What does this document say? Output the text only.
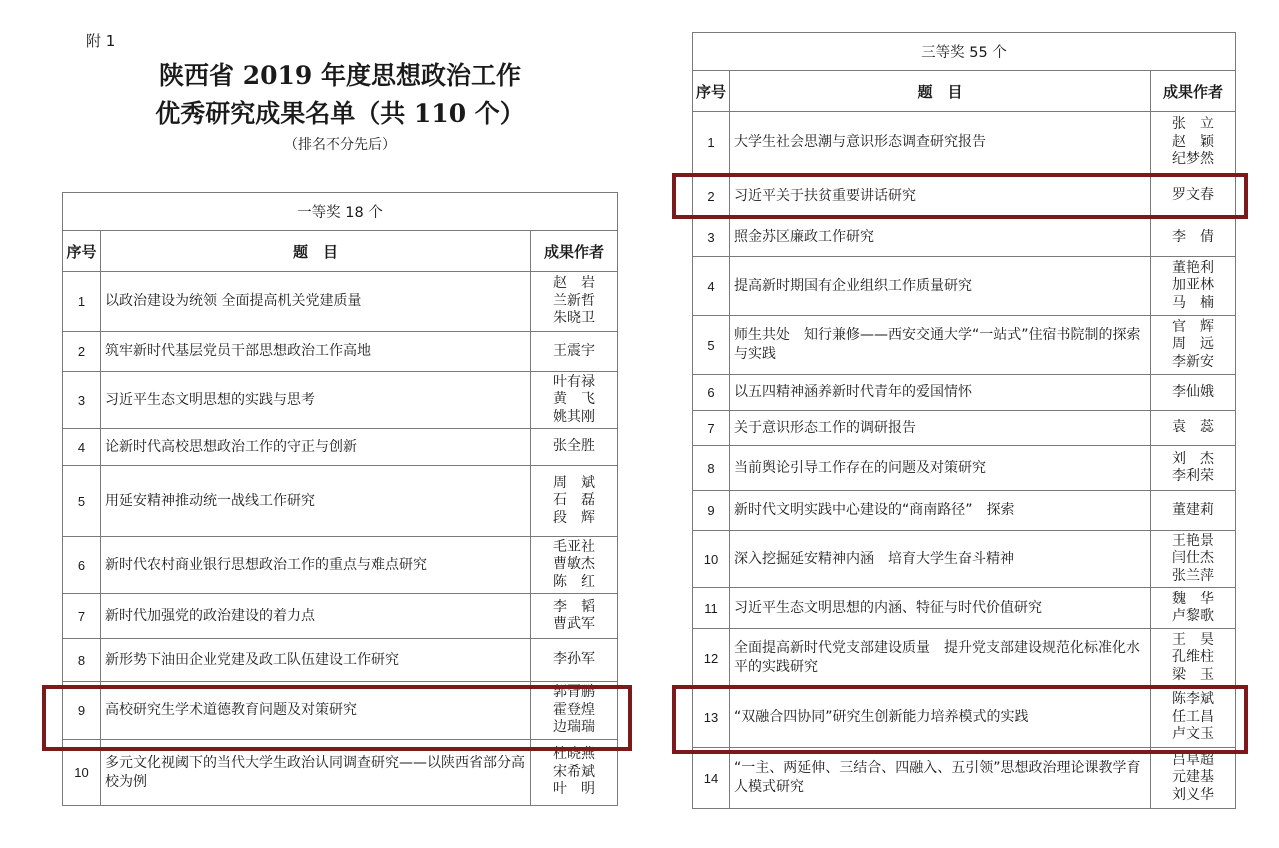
附 1
陕西省 2019 年度思想政治工作
优秀研究成果名单（共 110 个）
（排名不分先后）
一等奖 18 个		
序号	题　目	成果作者
1	以政治建设为统领 全面提高机关党建质量	赵　岩
兰新哲
朱晓卫

2	筑牢新时代基层党员干部思想政治工作高地	王震宇

3	习近平生态文明思想的实践与思考	叶有禄
黄　飞
姚其刚

4	论新时代高校思想政治工作的守正与创新	张全胜

5	用延安精神推动统一战线工作研究	周　斌
石　磊
段　辉

6	新时代农村商业银行思想政治工作的重点与难点研究	毛亚社
曹敏杰
陈　红

7	新时代加强党的政治建设的着力点	李　韬
曹武军

8	新形势下油田企业党建及政工队伍建设工作研究	李孙军

9	高校研究生学术道德教育问题及对策研究	郭胥鹏
霍登煌
边瑞瑞

10	多元文化视阈下的当代大学生政治认同调查研究——以陕西省部分高校为例	杜晓燕
宋希斌
叶　明
三等奖 55 个		
序号	题　目	成果作者
1	大学生社会思潮与意识形态调查研究报告	张　立
赵　颖
纪梦然

2	习近平关于扶贫重要讲话研究	罗文春

3	照金苏区廉政工作研究	李　倩

4	提高新时期国有企业组织工作质量研究	董艳利
加亚林
马　楠

5	师生共处　知行兼修——西安交通大学“一站式”住宿书院制的探索与实践	官　辉
周　远
李新安

6	以五四精神涵养新时代青年的爱国情怀	李仙娥

7	关于意识形态工作的调研报告	袁　蕊

8	当前舆论引导工作存在的问题及对策研究	刘　杰
李利荣

9	新时代文明实践中心建设的“商南路径”　探索	董建莉

10	深入挖掘延安精神内涵　培育大学生奋斗精神	王艳景
闫仕杰
张兰萍

11	习近平生态文明思想的内涵、特征与时代价值研究	魏　华
卢黎歌

12	全面提高新时代党支部建设质量　提升党支部建设规范化标准化水平的实践研究	王　昊
孔维柱
梁　玉

13	“双融合四协同”研究生创新能力培养模式的实践	陈李斌
任工昌
卢文玉

14	“一主、两延伸、三结合、四融入、五引领”思想政治理论课教学育人模式研究	吕阜超
元建基
刘义华
